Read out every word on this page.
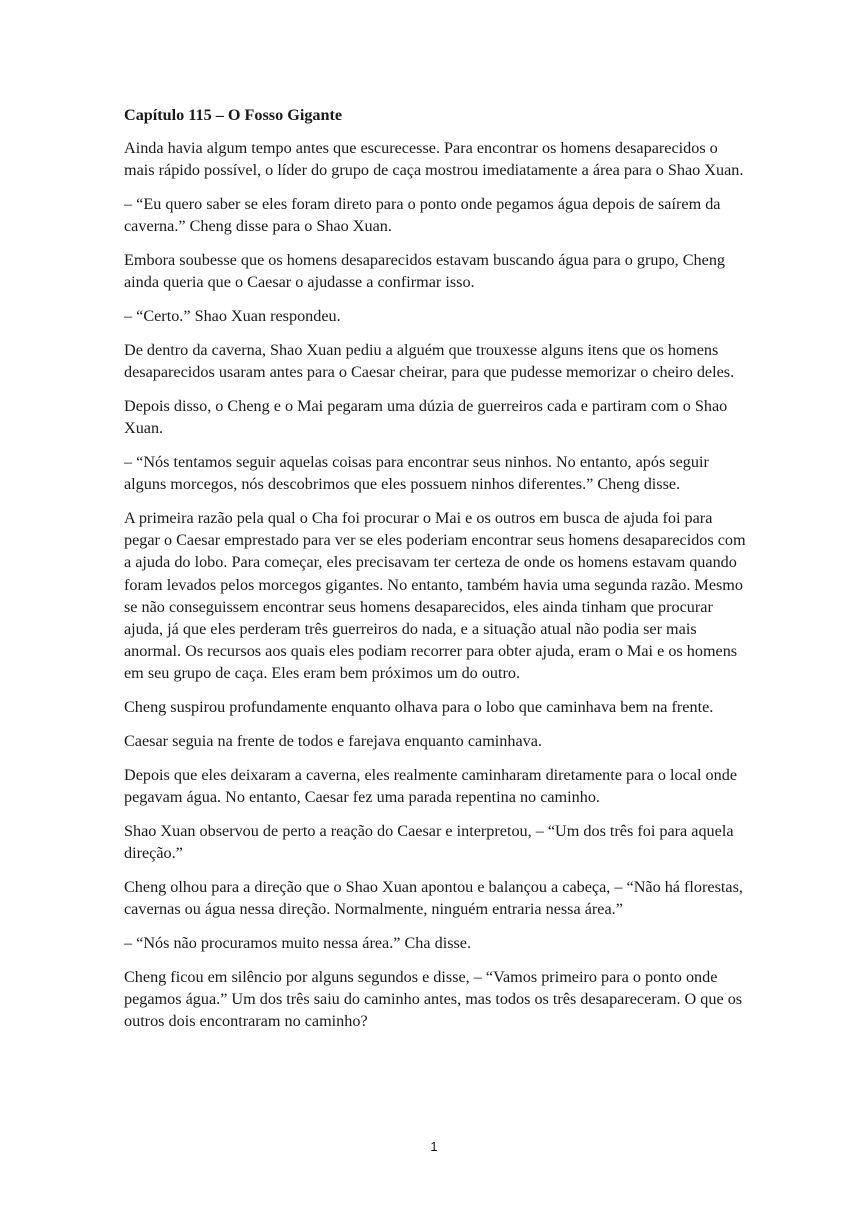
Capítulo 115 – O Fosso Gigante

Ainda havia algum tempo antes que escurecesse. Para encontrar os homens desaparecidos o mais rápido possível, o líder do grupo de caça mostrou imediatamente a área para o Shao Xuan.

– “Eu quero saber se eles foram direto para o ponto onde pegamos água depois de saírem da caverna.” Cheng disse para o Shao Xuan.

Embora soubesse que os homens desaparecidos estavam buscando água para o grupo, Cheng ainda queria que o Caesar o ajudasse a confirmar isso.

– “Certo.” Shao Xuan respondeu.

De dentro da caverna, Shao Xuan pediu a alguém que trouxesse alguns itens que os homens desaparecidos usaram antes para o Caesar cheirar, para que pudesse memorizar o cheiro deles.

Depois disso, o Cheng e o Mai pegaram uma dúzia de guerreiros cada e partiram com o Shao Xuan.

– “Nós tentamos seguir aquelas coisas para encontrar seus ninhos. No entanto, após seguir alguns morcegos, nós descobrimos que eles possuem ninhos diferentes.” Cheng disse.

A primeira razão pela qual o Cha foi procurar o Mai e os outros em busca de ajuda foi para pegar o Caesar emprestado para ver se eles poderiam encontrar seus homens desaparecidos com a ajuda do lobo. Para começar, eles precisavam ter certeza de onde os homens estavam quando foram levados pelos morcegos gigantes. No entanto, também havia uma segunda razão. Mesmo se não conseguissem encontrar seus homens desaparecidos, eles ainda tinham que procurar ajuda, já que eles perderam três guerreiros do nada, e a situação atual não podia ser mais anormal. Os recursos aos quais eles podiam recorrer para obter ajuda, eram o Mai e os homens em seu grupo de caça. Eles eram bem próximos um do outro.

Cheng suspirou profundamente enquanto olhava para o lobo que caminhava bem na frente.

Caesar seguia na frente de todos e farejava enquanto caminhava.

Depois que eles deixaram a caverna, eles realmente caminharam diretamente para o local onde pegavam água. No entanto, Caesar fez uma parada repentina no caminho.

Shao Xuan observou de perto a reação do Caesar e interpretou, – “Um dos três foi para aquela direção.”

Cheng olhou para a direção que o Shao Xuan apontou e balançou a cabeça, – “Não há florestas, cavernas ou água nessa direção. Normalmente, ninguém entraria nessa área.”

– “Nós não procuramos muito nessa área.” Cha disse.

Cheng ficou em silêncio por alguns segundos e disse, – “Vamos primeiro para o ponto onde pegamos água.” Um dos três saiu do caminho antes, mas todos os três desapareceram. O que os outros dois encontraram no caminho?

1
